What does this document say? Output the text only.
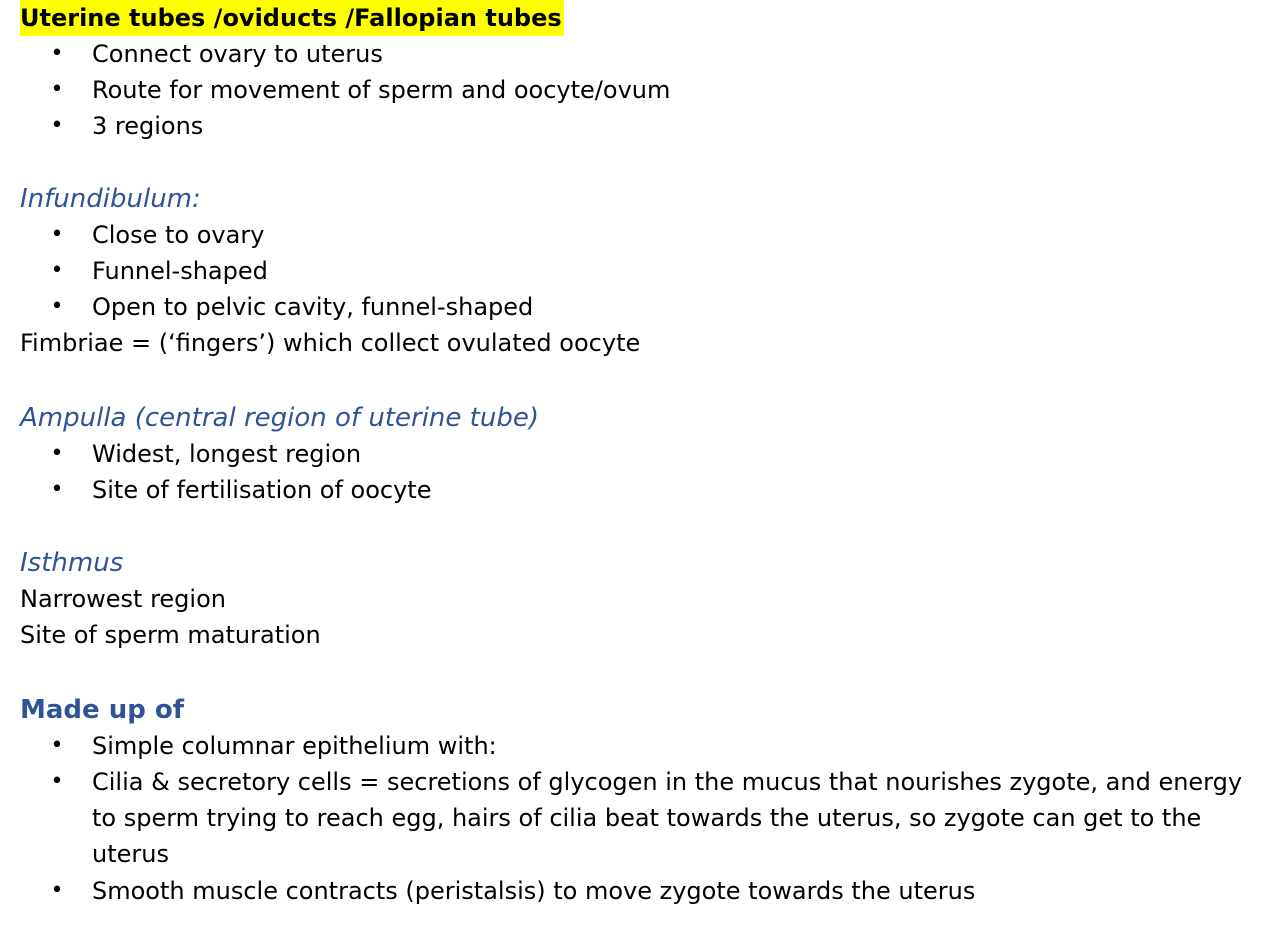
Uterine tubes /oviducts /Fallopian tubes
• Connect ovary to uterus
• Route for movement of sperm and oocyte/ovum
• 3 regions
Infundibulum:
• Close to ovary
• Funnel-shaped
• Open to pelvic cavity, funnel-shaped
Fimbriae = (‘fingers’) which collect ovulated oocyte
Ampulla (central region of uterine tube)
• Widest, longest region
• Site of fertilisation of oocyte
Isthmus
Narrowest region
Site of sperm maturation
Made up of
• Simple columnar epithelium with:
• Cilia & secretory cells = secretions of glycogen in the mucus that nourishes zygote, and energy to sperm trying to reach egg, hairs of cilia beat towards the uterus, so zygote can get to the uterus
• Smooth muscle contracts (peristalsis) to move zygote towards the uterus
